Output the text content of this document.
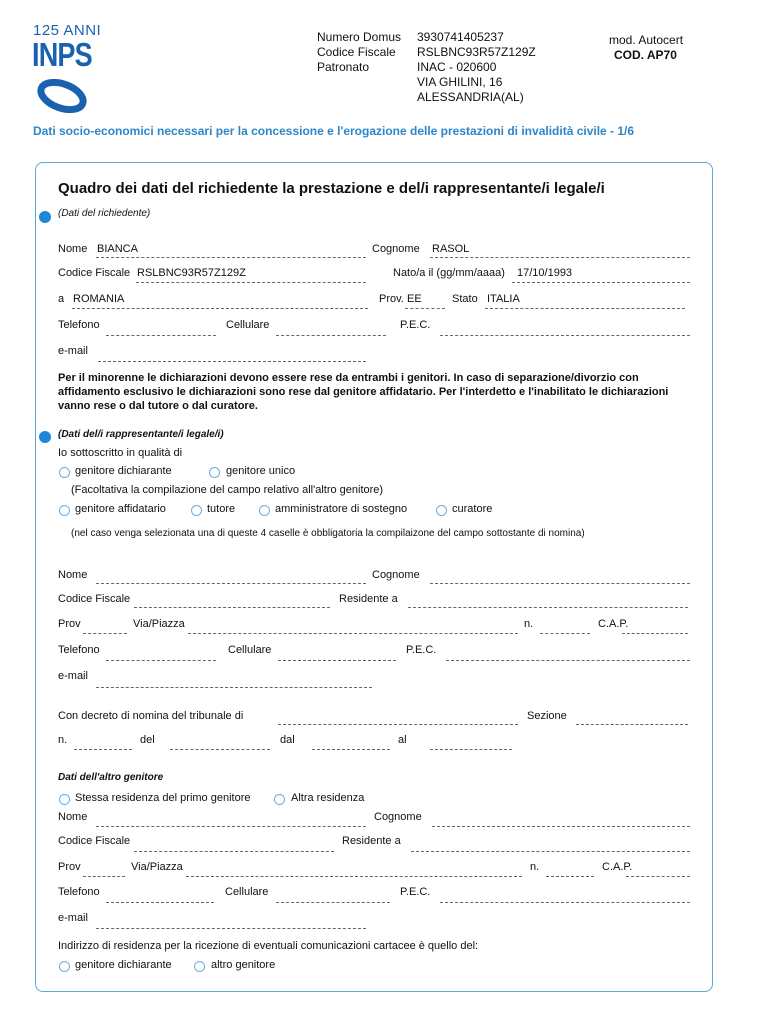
125 ANNI
INPS	Numero Domus 3930741405237
Codice Fiscale RSLBNC93R57Z129Z
Patronato	INAC - 020600
VIA GHILINI, 16
ALESSANDRIA(AL)
mod. Autocert
COD. AP70
Dati socio-economici necessari per la concessione e l'erogazione delle prestazioni di invalidità civile - 1/6
Quadro dei dati del richiedente la prestazione e del/i rappresentante/i legale/i
(Dati del richiedente)
Nome BIANCA	Cognome RASOL
Codice Fiscale RSLBNC93R57Z129Z	Nato/a il (gg/mm/aaaa) 17/10/1993
a ROMANIA	Prov. EE	Stato ITALIA
Telefono	Cellulare	P.E.C.
e-mail
Per il minorenne le dichiarazioni devono essere rese da entrambi i genitori. In caso di separazione/divorzio con affidamento esclusivo le dichiarazioni sono rese dal genitore affidatario. Per l'interdetto e l'inabilitato le dichiarazioni vanno rese o dal tutore o dal curatore.
(Dati del/i rappresentante/i legale/i)
Io sottoscritto in qualità di
genitore dichiarante	genitore unico
(Facoltativa la compilazione del campo relativo all'altro genitore)
genitore affidatario	tutore	amministratore di sostegno	curatore
(nel caso venga selezionata una di queste 4 caselle è obbligatoria la compilaizone del campo sottostante di nomina)
Nome	Cognome
Codice Fiscale	Residente a
Prov	Via/Piazza	n.	C.A.P.
Telefono	Cellulare	P.E.C.
e-mail
Con decreto di nomina del tribunale di	Sezione
n.	del	dal	al
Dati dell'altro genitore
Stessa residenza del primo genitore	Altra residenza
Nome	Cognome
Codice Fiscale	Residente a
Prov	Via/Piazza	n.	C.A.P.
Telefono	Cellulare	P.E.C.
e-mail
Indirizzo di residenza per la ricezione di eventuali comunicazioni cartacee è quello del:
genitore dichiarante	altro genitore
